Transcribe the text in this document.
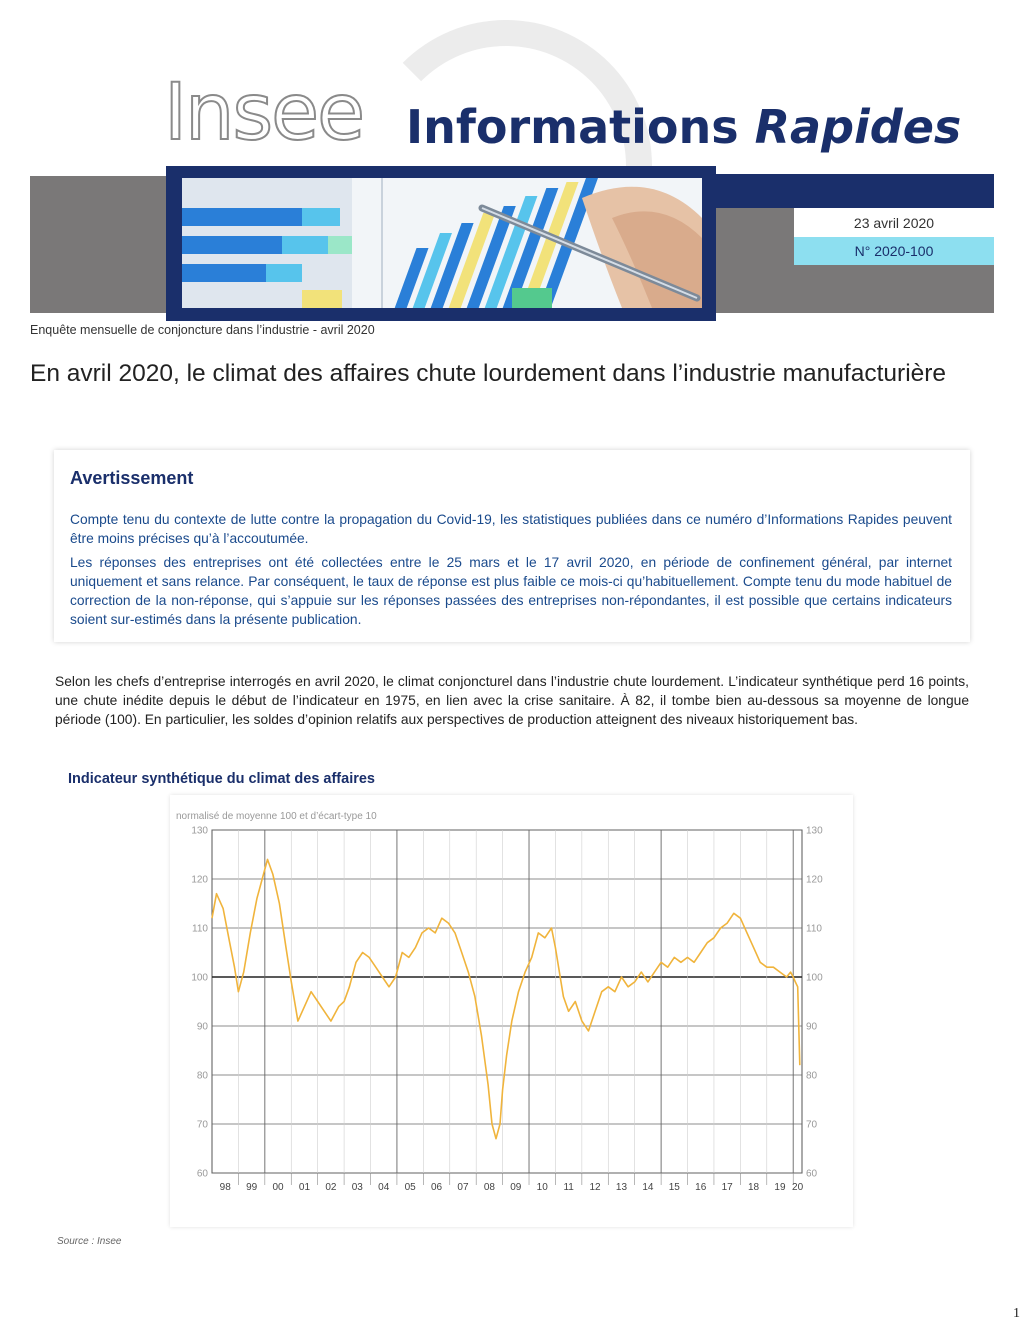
Insee Informations Rapides
23 avril 2020
N° 2020-100
Enquête mensuelle de conjoncture dans l’industrie - avril 2020
En avril 2020, le climat des affaires chute lourdement dans l’industrie manufacturière
Avertissement

Compte tenu du contexte de lutte contre la propagation du Covid-19, les statistiques publiées dans ce numéro d’Informations Rapides peuvent être moins précises qu’à l’accoutumée.

Les réponses des entreprises ont été collectées entre le 25 mars et le 17 avril 2020, en période de confinement général, par internet uniquement et sans relance. Par conséquent, le taux de réponse est plus faible ce mois-ci qu’habituellement. Compte tenu du mode habituel de correction de la non-réponse, qui s’appuie sur les réponses passées des entreprises non-répondantes, il est possible que certains indicateurs soient sur-estimés dans la présente publication.

Selon les chefs d’entreprise interrogés en avril 2020, le climat conjoncturel dans l’industrie chute lourdement. L’indicateur synthétique perd 16 points, une chute inédite depuis le début de l’indicateur en 1975, en lien avec la crise sanitaire. À 82, il tombe bien au-dessous sa moyenne de longue période (100). En particulier, les soldes d’opinion relatifs aux perspectives de production atteignent des niveaux historiquement bas.

Indicateur synthétique du climat des affaires
normalisé de moyenne 100 et d’écart-type 10
60	60
70	70
80	80
90	90
100	100
110	110
120	120
130	130
98 99 00 01 02 03 04 05 06 07 08 09 10 11 12 13 14 15 16 17 18 19 20
Source : Insee
1
